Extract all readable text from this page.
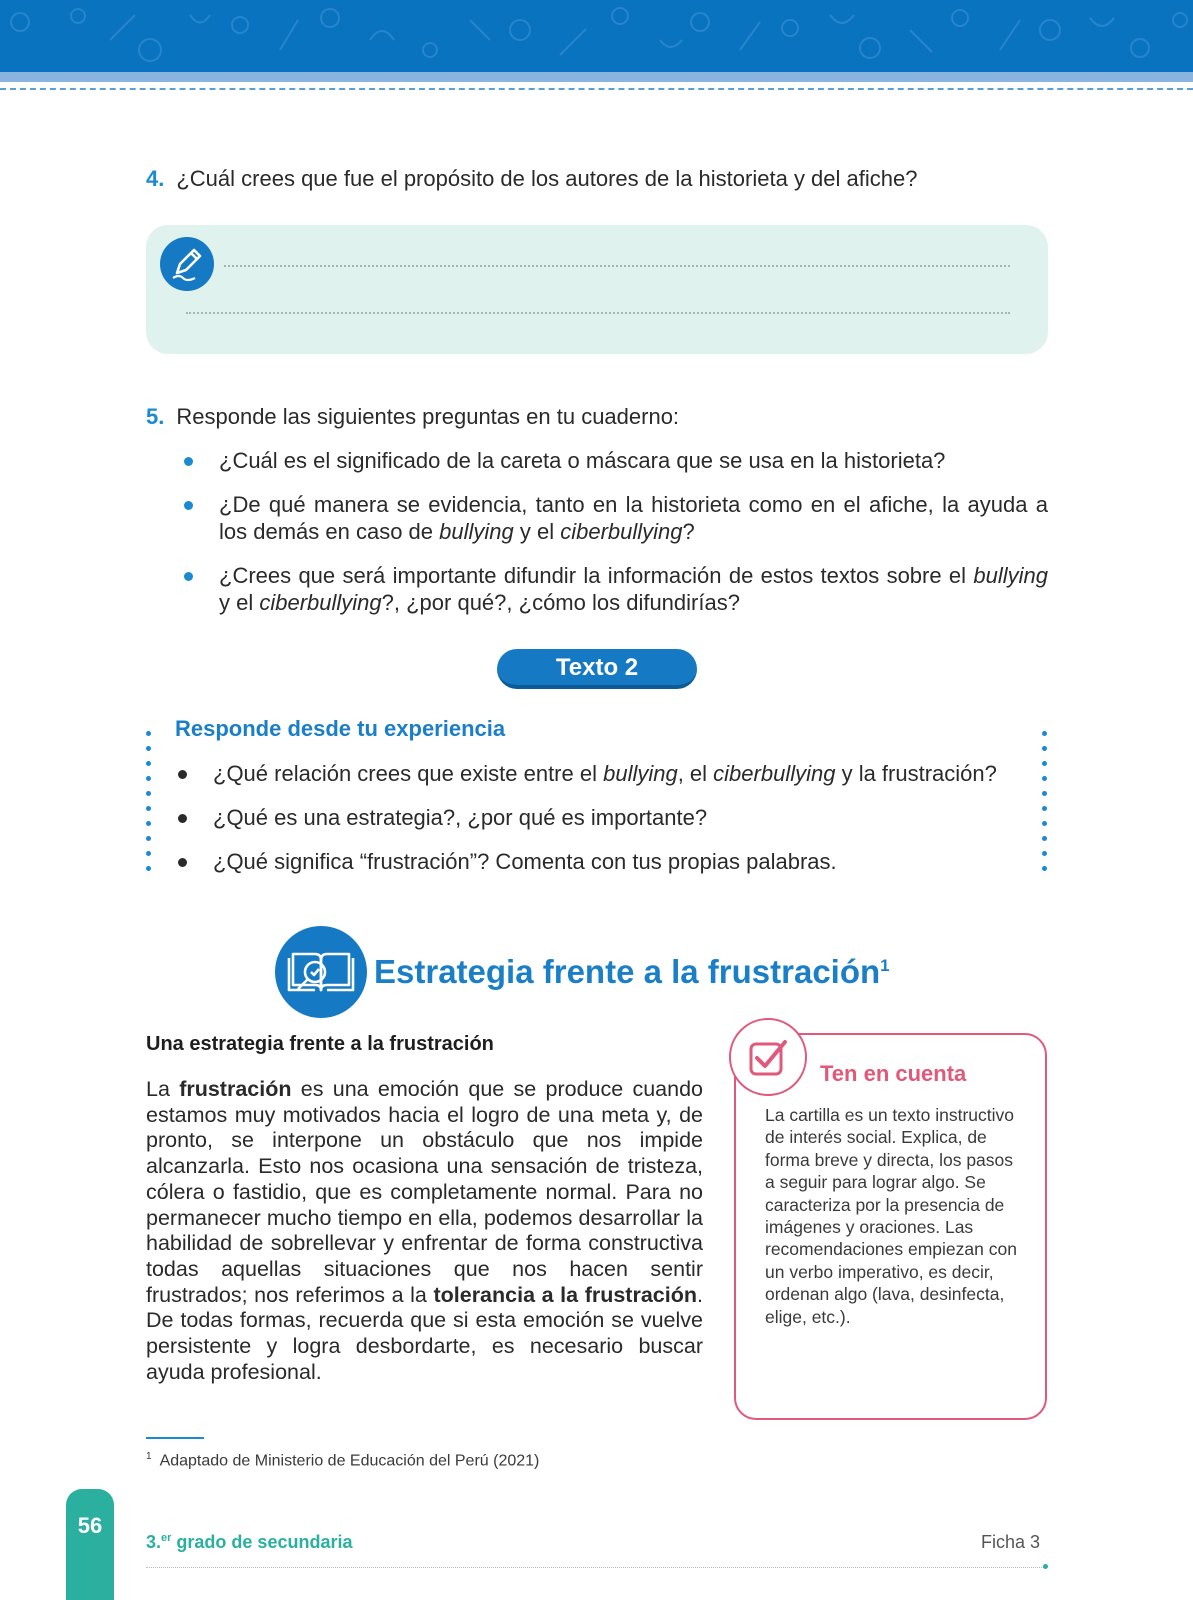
4. ¿Cuál crees que fue el propósito de los autores de la historieta y del afiche?
5. Responde las siguientes preguntas en tu cuaderno:
¿Cuál es el significado de la careta o máscara que se usa en la historieta?
¿De qué manera se evidencia, tanto en la historieta como en el afiche, la ayuda a los demás en caso de bullying y el ciberbullying?
¿Crees que será importante difundir la información de estos textos sobre el bullying y el ciberbullying?, ¿por qué?, ¿cómo los difundirías?
Texto 2
Responde desde tu experiencia
¿Qué relación crees que existe entre el bullying, el ciberbullying y la frustración?
¿Qué es una estrategia?, ¿por qué es importante?
¿Qué significa “frustración”? Comenta con tus propias palabras.
Estrategia frente a la frustración$^1$
Una estrategia frente a la frustración
La frustración es una emoción que se produce cuando estamos muy motivados hacia el logro de una meta y, de pronto, se interpone un obstáculo que nos impide alcanzarla. Esto nos ocasiona una sensación de tristeza, cólera o fastidio, que es completamente normal. Para no permanecer mucho tiempo en ella, podemos desarrollar la habilidad de sobrellevar y enfrentar de forma constructiva todas aquellas situaciones que nos hacen sentir frustrados; nos referimos a la tolerancia a la frustración. De todas formas, recuerda que si esta emoción se vuelve persistente y logra desbordarte, es necesario buscar ayuda profesional.
Ten en cuenta
La cartilla es un texto instructivo de interés social. Explica, de forma breve y directa, los pasos a seguir para lograr algo. Se caracteriza por la presencia de imágenes y oraciones. Las recomendaciones empiezan con un verbo imperativo, es decir, ordenan algo (lava, desinfecta, elige, etc.).
$^1$ Adaptado de Ministerio de Educación del Perú (2021)
56
3.$^{er}$ grado de secundaria	Ficha 3
